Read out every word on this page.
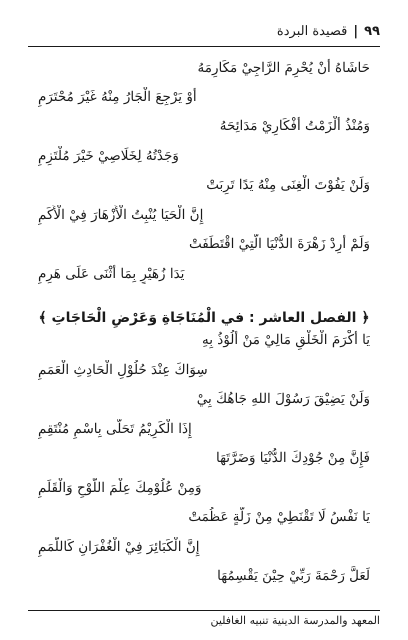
٩٩
|
قصيدة البردة
حَاشَاهُ أَنْ يُحْرِمَ الرَّاجِيْ مَكَارِمَهُ
أَوْ يَرْجِعَ الْجَارُ مِنْهُ غَيْرَ مُحْتَرَمِ
وَمُنْذُ أَلْزَمْتُ أَفْكَارِيْ مَدَائِحَهُ
وَجَدْتُهُ لِخَلَاصِيْ خَيْرَ مُلْتَزِمِ
وَلَنْ يَفُوْتَ الْغِنَى مِنْهُ يَدًا تَرِبَتْ
إِنَّ الْحَيَا يُنْبِتُ الْأَزْهَارَ فِيْ الْأَكَمِ
وَلَمْ أُرِدْ زَهْرَةَ الدُّنْيَا الَّتِيْ اقْتَطَفَتْ
يَدَا زُهَيْرٍ بِمَا أَثْنَى عَلَى هَرِمِ
﴿ الفصل العاشر : في الْمُنَاجَاةِ وَعَرْضِ الْحَاجَاتِ ﴾
يَا أَكْرَمَ الْخَلْقِ مَالِيْ مَنْ أَلُوْذُ بِهِ
سِوَاكَ عِنْدَ حُلُوْلِ الْحَادِثِ الْعَمَمِ
وَلَنْ يَضِيْقَ رَسُوْلَ اللهِ جَاهُكَ بِيْ
إِذَا الْكَرِيْمُ تَحَلَّى بِاسْمِ مُنْتَقِمِ
فَإِنَّ مِنْ جُوْدِكَ الدُّنْيَا وَضَرَّتَهَا
وَمِنْ عُلُوْمِكَ عِلْمَ اللَّوْحِ وَالْقَلَمِ
يَا نَفْسُ لَا تَقْنَطِيْ مِنْ زَلَّةٍ عَظُمَتْ
إِنَّ الْكَبَائِرَ فِيْ الْغُفْرَانِ كَاللَّمَمِ
لَعَلَّ رَحْمَةَ رَبِّيْ حِيْنَ يَقْسِمُهَا
المعهد والمدرسة الدينية تنبيه الغافلين
